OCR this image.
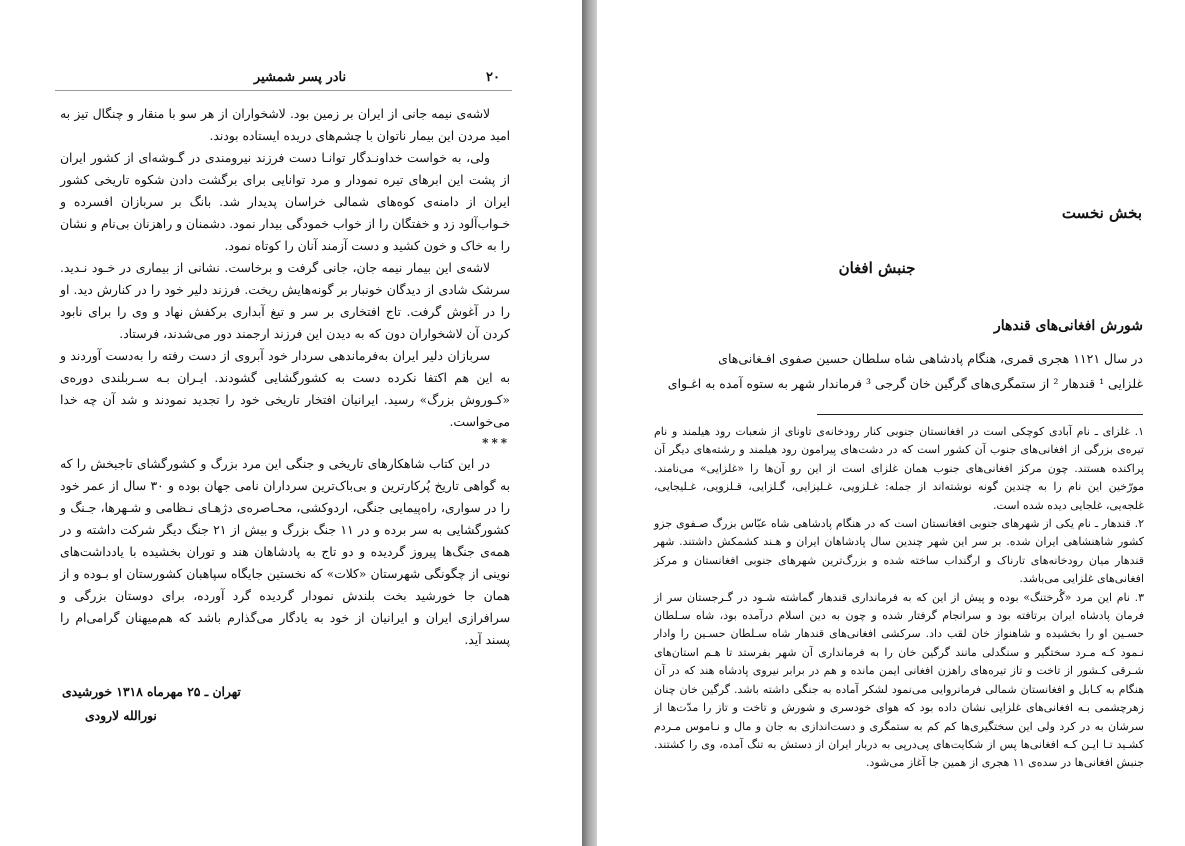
۲۰
نادر پسر شمشیر

لاشه‌ی نیمه جانی از ایران بر زمین بود. لاشخواران از هر سو با منقار و چنگال تیز به امید مردن این بیمار ناتوان با چشم‌های دریده ایستاده بودند.

ولی، به خواست خداونـدگار توانـا دست فرزند نیرومندی در گـوشه‌ای از کشور ایران از پشت این ابرهای تیره نمودار و مرد توانایی برای برگشت دادن شکوه تاریخی کشور ایران از دامنه‌ی کوه‌های شمالی خراسان پدیدار شد. بانگ بر سربازان افسرده و خـواب‌آلود زد و خفتگان را از خواب خمودگی بیدار نمود. دشمنان و راهزنان بی‌نام و نشان را به خاک و خون کشید و دست آزمند آنان را کوتاه نمود.

لاشه‌ی این بیمار نیمه جان، جانی گرفت و برخاست. نشانی از بیماری در خـود نـدید. سرشک شادی از دیدگان خونبار بر گونه‌هایش ریخت. فرزند دلیر خود را در کنارش دید. او را در آغوش گرفت. تاج افتخاری بر سر و تیغ آبداری برکفش نهاد و وی را برای نابود کردن آن لاشخواران دون که به دیدن این فرزند ارجمند دور می‌شدند، فرستاد.

سربازان دلیر ایران به‌فرماندهی سردار خود آبروی از دست رفته را به‌دست آوردند و به این هم اکتفا نکرده دست به کشورگشایی گشودند. ایـران بـه سـربلندی دوره‌ی «کـوروش بزرگ» رسید. ایرانیان افتخار تاریخی خود را تجدید نمودند و شد آن چه خدا می‌خواست.

***

در این کتاب شاهکارهای تاریخی و جنگی این مرد بزرگ و کشورگشای تاجبخش را که به گواهی تاریخ پُرکارترین و بی‌باک‌ترین سرداران نامی جهان بوده و ۳۰ سال از عمر خود را در سواری، راه‌پیمایی جنگی، اردوکشی، محـاصره‌ی دژهـای نـظامی و شـهرها، جـنگ و کشورگشایی به سر برده و در ۱۱ جنگ بزرگ و بیش از ۲۱ جنگ دیگر شرکت داشته و در همه‌ی جنگ‌ها پیروز گردیده و دو تاج به پادشاهان هند و توران بخشیده با یادداشت‌های نوینی از چگونگی شهرستان «کلات» که نخستین جایگاه سپاهبان کشورستان او بـوده و از همان جا خورشید بخت بلندش نمودار گردیده گرد آورده، برای دوستان بزرگی و سرافرازی ایران و ایرانیان از خود به یادگار می‌گذارم باشد که هم‌میهنان گرامی‌ام را پسند آید.

تهران ـ ۲۵ مهرماه ۱۳۱۸ خورشیدی
نورالله لارودی
بخش نخست
جنبش افغان
شورش افغانی‌های قندهار

در سال ۱۱۲۱ هجری قمری، هنگام پادشاهی شاه سلطان حسین صفوی افـغانی‌های

غلزایی ¹ قندهار ² از ستمگری‌های گرگین خان گرجی ³ فرماندار شهر به ستوه آمده به اغـوای

۱. غلزای ـ نام آبادی کوچکی است در افغانستان جنوبی کنار رودخانه‌ی تاونای از شعبات رود هیلمند و نام تیره‌ی بزرگی از افغانی‌های جنوب آن کشور است که در دشت‌های پیرامون رود هیلمند و رشته‌های دیگر آن پراکنده هستند. چون مرکز افغانی‌های جنوب همان غلزای است از این رو آن‌ها را «غلزایی» می‌نامند. مورّخین این نام را به چندین گونه نوشته‌اند از جمله: غـلزویی، غـلیزایی، گـلزایی، قـلزویی، غـلیجایی، غلجه‌یی، غلجایی دیده شده است.

۲. قندهار ـ نام یکی از شهرهای جنوبی افغانستان است که در هنگام پادشاهی شاه عبّاس بزرگ صـفوی جزو کشور شاهنشاهی ایران شده. بر سر این شهر چندین سال پادشاهان ایران و هـند کشمکش داشتند. شهر قندهار میان رودخانه‌های تارناک و ارگنداب ساخته شده و بزرگ‌ترین شهرهای جنوبی افغانستان و مرکز افغانی‌های غلزایی می‌باشد.

۳. نام این مرد «گُرختنگ» بوده و پیش از این که به فرمانداری قندهار گماشته شـود در گـرجستان سر از فرمان پادشاه ایران برتافته بود و سرانجام گرفتار شده و چون به دین اسلام درآمده بود، شاه سـلطان حسـین او را بخشیده و شاهنواز خان لقب داد. سرکشی افغانی‌های قندهار شاه سـلطان حسـین را وادار نـمود کـه مـرد سختگیر و سنگدلی مانند گرگین خان را به فرمانداری آن شهر بفرستد تا هـم استان‌های شـرقی کـشور از تاخت و تاز تیره‌های راهزن افغانی ایمن مانده و هم در برابر نیروی پادشاه هند که در آن هنگام به کـابل و افغانستان شمالی فرمانروایی می‌نمود لشکر آماده به جنگی داشته باشد. گرگین خان چنان زهرچشمی بـه افغانی‌های غلزایی نشان داده بود که هوای خودسری و شورش و تاخت و تاز را مدّت‌ها از سرشان به در کرد ولی این سختگیری‌ها کم کم به ستمگری و دست‌اندازی به جان و مال و نـاموس مـردم کشـید تـا ایـن کـه افغانی‌ها پس از شکایت‌های پی‌درپی به دربار ایران از دستش به تنگ آمده، وی را کشتند. جنبش افغانی‌ها در سده‌ی ۱۱ هجری از همین جا آغاز می‌شود.
